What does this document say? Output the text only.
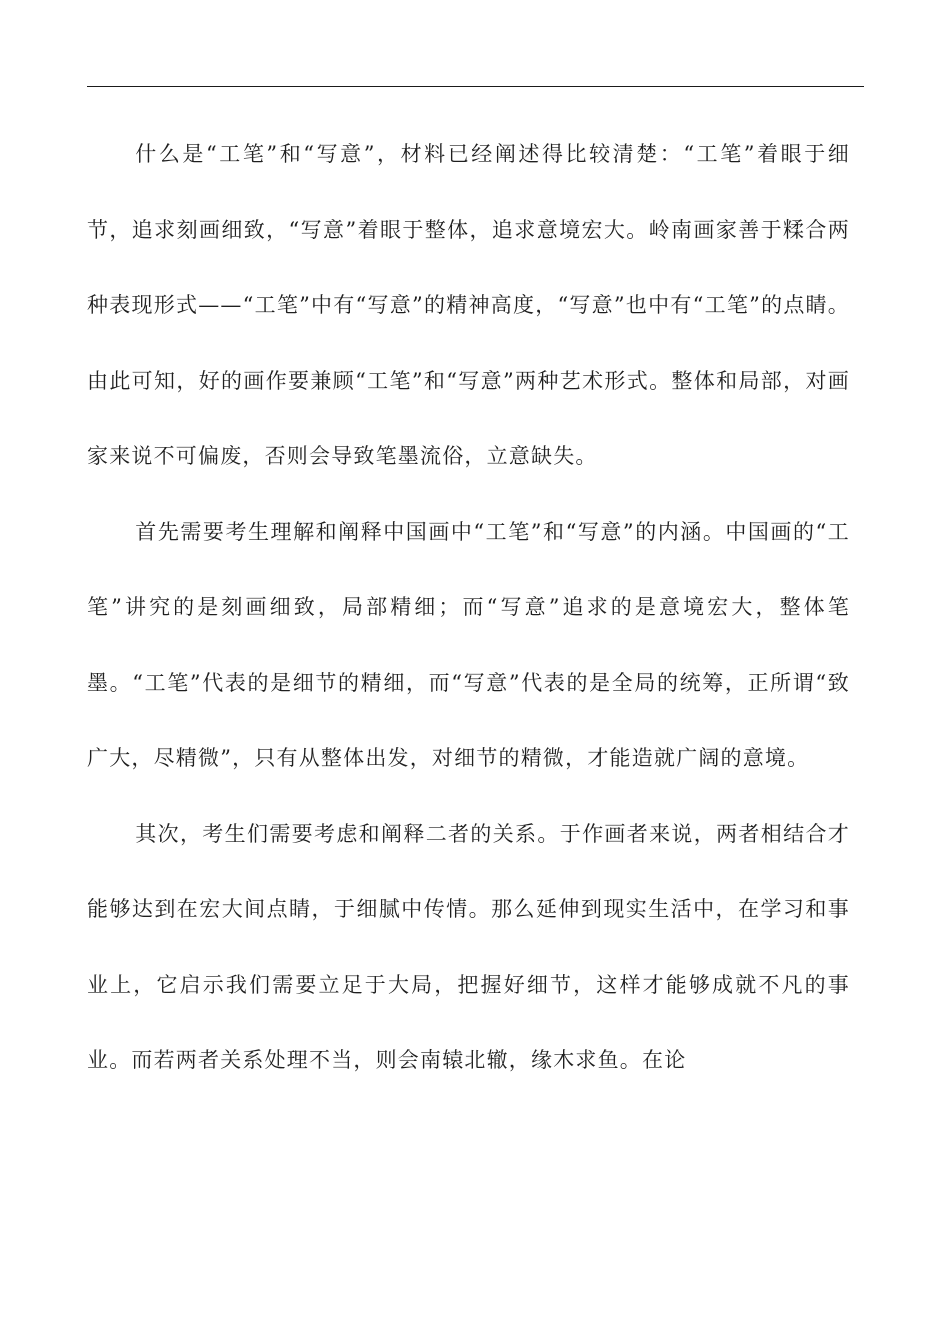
什么是“工笔”和“写意”，材料已经阐述得比较清楚：“工笔”着眼于细节，追求刻画细致，“写意”着眼于整体，追求意境宏大。岭南画家善于糅合两种表现形式——“工笔”中有“写意”的精神高度，“写意”也中有“工笔”的点睛。由此可知，好的画作要兼顾“工笔”和“写意”两种艺术形式。整体和局部，对画家来说不可偏废，否则会导致笔墨流俗，立意缺失。

首先需要考生理解和阐释中国画中“工笔”和“写意”的内涵。中国画的“工笔”讲究的是刻画细致，局部精细；而“写意”追求的是意境宏大，整体笔墨。“工笔”代表的是细节的精细，而“写意”代表的是全局的统筹，正所谓“致广大，尽精微”，只有从整体出发，对细节的精微，才能造就广阔的意境。

其次，考生们需要考虑和阐释二者的关系。于作画者来说，两者相结合才能够达到在宏大间点睛，于细腻中传情。那么延伸到现实生活中，在学习和事业上，它启示我们需要立足于大局，把握好细节，这样才能够成就不凡的事业。而若两者关系处理不当，则会南辕北辙，缘木求鱼。在论
